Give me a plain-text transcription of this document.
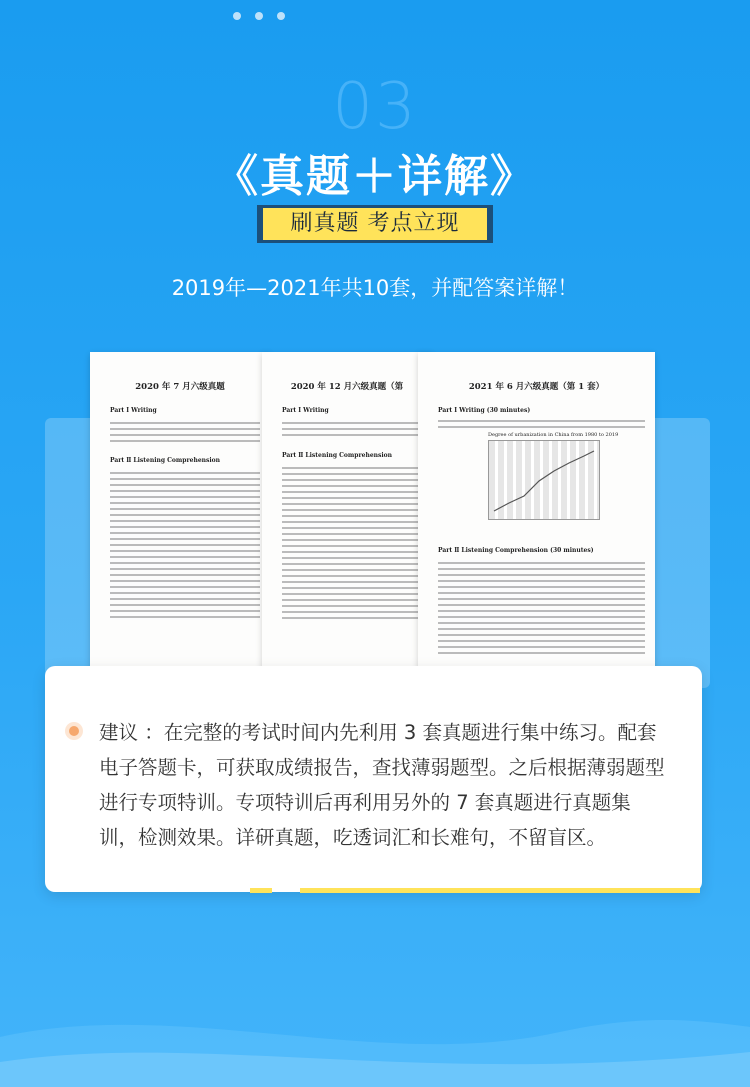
03
《真题＋详解》
刷真题 考点立现
2019年—2021年共10套，并配答案详解！
2020 年 7 月六级真题
Part Ⅰ Writing
Part Ⅱ Listening Comprehension
2020 年 12 月六级真题（第
Part Ⅰ Writing
Part Ⅱ Listening Comprehension
2021 年 6 月六级真题（第 1 套）
Part Ⅰ Writing (30 minutes)
Degree of urbanization in China from 1980 to 2019
Part Ⅱ Listening Comprehension (30 minutes)
建议 ：在完整的考试时间内先利用 3 套真题进行集中练习。配套电子答题卡，可获取成绩报告，查找薄弱题型。之后根据薄弱题型进行专项特训。专项特训后再利用另外的 7 套真题进行真题集训，检测效果。详研真题，吃透词汇和长难句，不留盲区。
